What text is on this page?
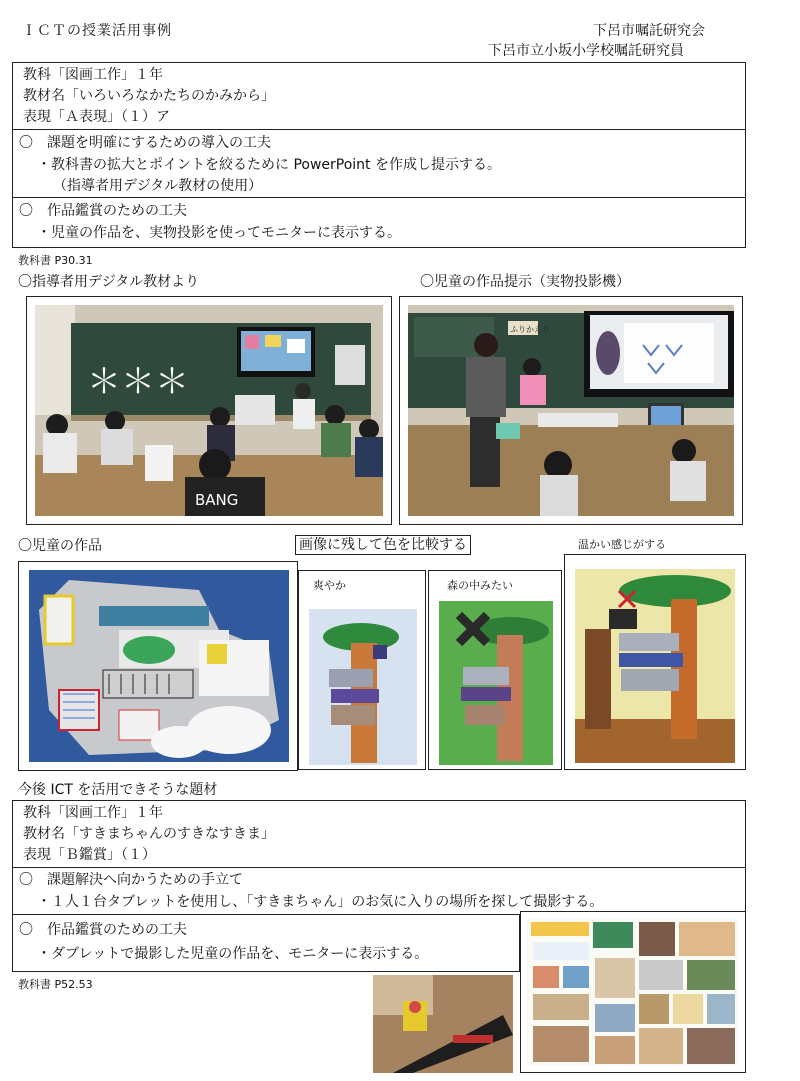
ＩＣＴの授業活用事例	下呂市嘱託研究会
下呂市立小坂小学校嘱託研究員
教科「図画工作」１年
教材名「いろいろなかたちのかみから」
表現「Ａ表現」（１）ア
〇　課題を明確にするための導入の工夫
・教科書の拡大とポイントを絞るために PowerPoint を作成し提示する。
（指導者用デジタル教材の使用）
〇　作品鑑賞のための工夫
・児童の作品を、実物投影を使ってモニターに表示する。
教科書 P30.31
〇指導者用デジタル教材より	〇児童の作品提示（実物投影機）
＊＊＊
BANG
ふりかえり
〇児童の作品	画像に残して色を比較する	温かい感じがする
爽やか	森の中みたい
今後 ICT を活用できそうな題材
教科「図画工作」１年
教材名「すきまちゃんのすきなすきま」
表現「Ｂ鑑賞」（１）
〇　課題解決へ向かうための手立て
・１人１台タブレットを使用し、「すきまちゃん」のお気に入りの場所を探して撮影する。
〇　作品鑑賞のための工夫
・ダブレットで撮影した児童の作品を、モニターに表示する。
教科書 P52.53
